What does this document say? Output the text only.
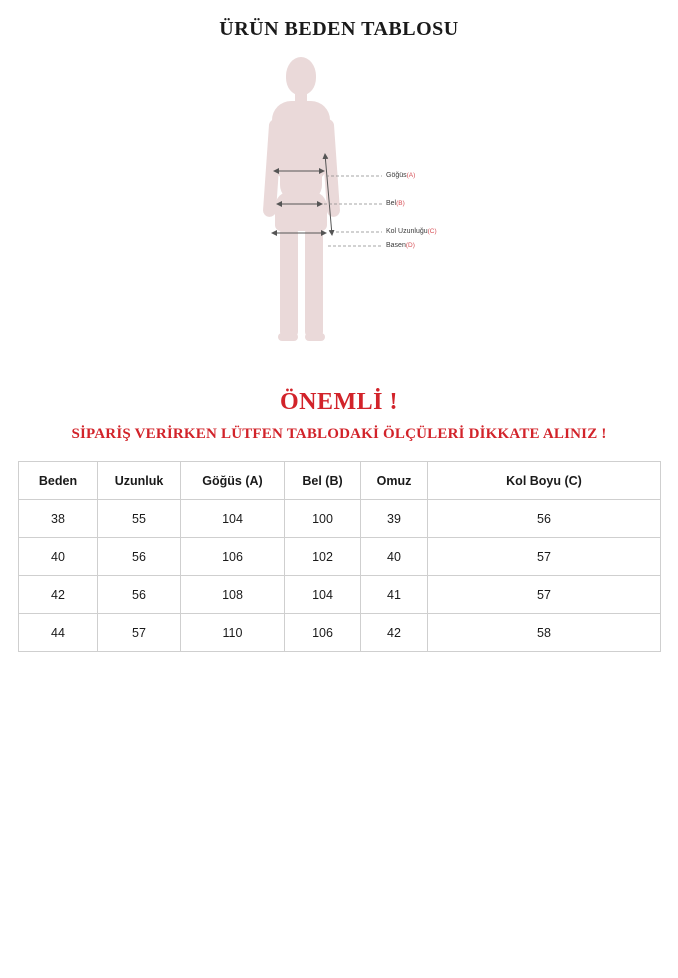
ÜRÜN BEDEN TABLOSU
Göğüs(A)
Bel(B)
Kol Uzunluğu(C)
Basen(D)
ÖNEMLİ !
SİPARİŞ VERİRKEN LÜTFEN TABLODAKİ ÖLÇÜLERİ DİKKATE ALINIZ !
Beden	Uzunluk	Göğüs (A)	Bel (B)	Omuz	Kol Boyu (C)
38	55	104	100	39	56
40	56	106	102	40	57
42	56	108	104	41	57
44	57	110	106	42	58
